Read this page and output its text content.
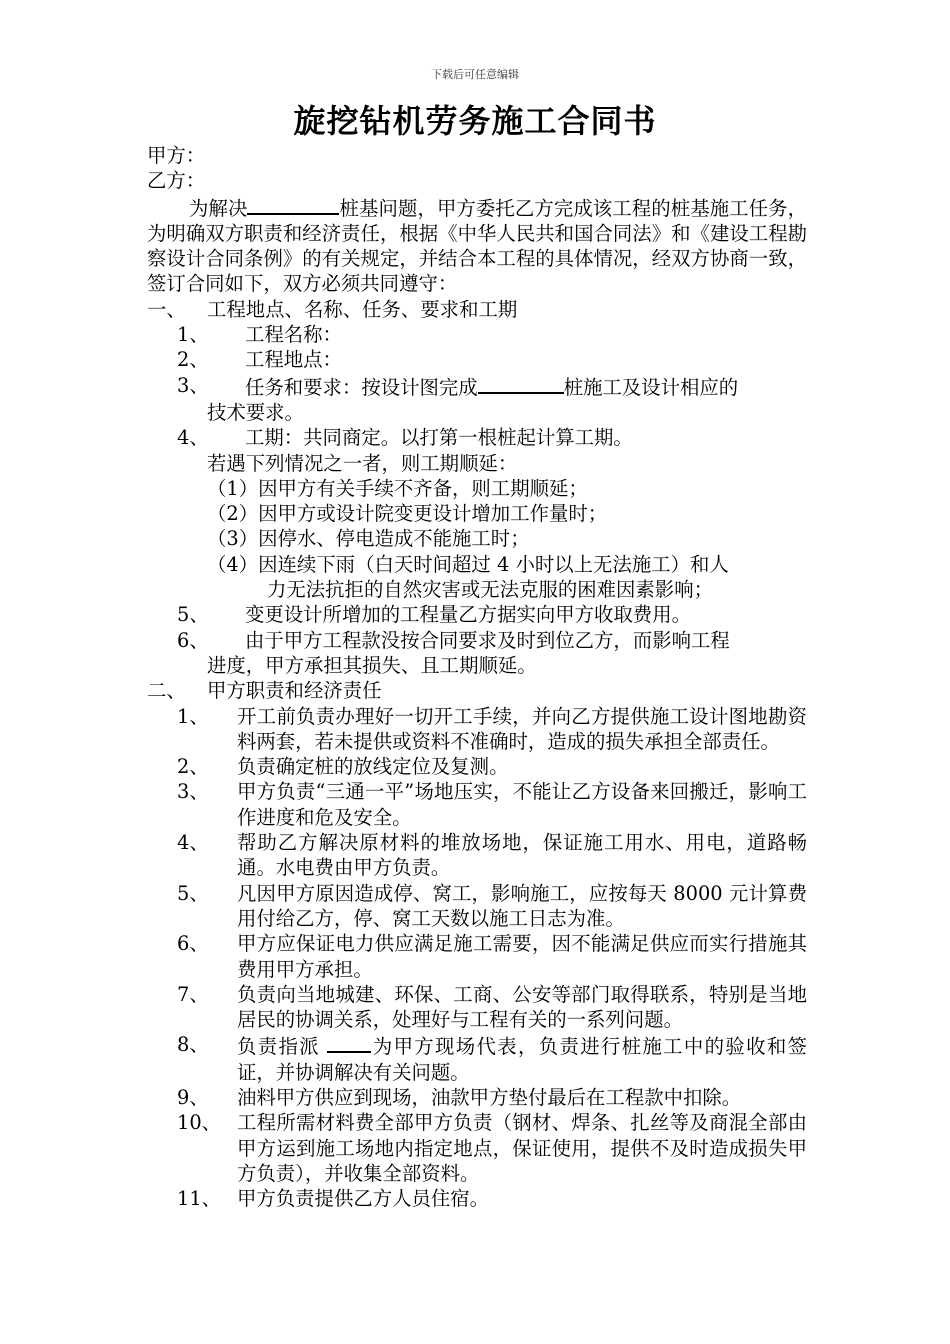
下载后可任意编辑
旋挖钻机劳务施工合同书

甲方：

乙方：

为解决	桩基问题，甲方委托乙方完成该工程的桩基施工任务，为明确双方职责和经济责任，根据《中华人民共和国合同法》和《建设工程勘察设计合同条例》的有关规定，并结合本工程的具体情况，经双方协商一致，签订合同如下，双方必须共同遵守：

一、	工程地点、名称、任务、要求和工期
1、	工程名称：
2、	工程地点：
3、	任务和要求：按设计图完成	桩施工及设计相应的

技术要求。

4、	工期：共同商定。以打第一根桩起计算工期。

若遇下列情况之一者，则工期顺延：

（1）因甲方有关手续不齐备，则工期顺延；

（2）因甲方或设计院变更设计增加工作量时；

（3）因停水、停电造成不能施工时；

（4）因连续下雨（白天时间超过 4 小时以上无法施工）和人

力无法抗拒的自然灾害或无法克服的困难因素影响；

5、	变更设计所增加的工程量乙方据实向甲方收取费用。
6、	由于甲方工程款没按合同要求及时到位乙方，而影响工程

进度，甲方承担其损失、且工期顺延。

二、	甲方职责和经济责任
1、	开工前负责办理好一切开工手续，并向乙方提供施工设计图地勘资料两套，若未提供或资料不准确时，造成的损失承担全部责任。
2、	负责确定桩的放线定位及复测。
3、	甲方负责“三通一平”场地压实，不能让乙方设备来回搬迁，影响工作进度和危及安全。
4、	帮助乙方解决原材料的堆放场地，保证施工用水、用电，道路畅通。水电费由甲方负责。
5、	凡因甲方原因造成停、窝工，影响施工，应按每天 8000 元计算费用付给乙方，停、窝工天数以施工日志为准。
6、	甲方应保证电力供应满足施工需要，因不能满足供应而实行措施其费用甲方承担。
7、	负责向当地城建、环保、工商、公安等部门取得联系，特别是当地居民的协调关系，处理好与工程有关的一系列问题。
8、	负责指派	为甲方现场代表，负责进行桩施工中的验收和签证，并协调解决有关问题。
9、	油料甲方供应到现场，油款甲方垫付最后在工程款中扣除。
10、 工程所需材料费全部甲方负责（钢材、焊条、扎丝等及商混全部由甲方运到施工场地内指定地点，保证使用，提供不及时造成损失甲方负责），并收集全部资料。
11、 甲方负责提供乙方人员住宿。
